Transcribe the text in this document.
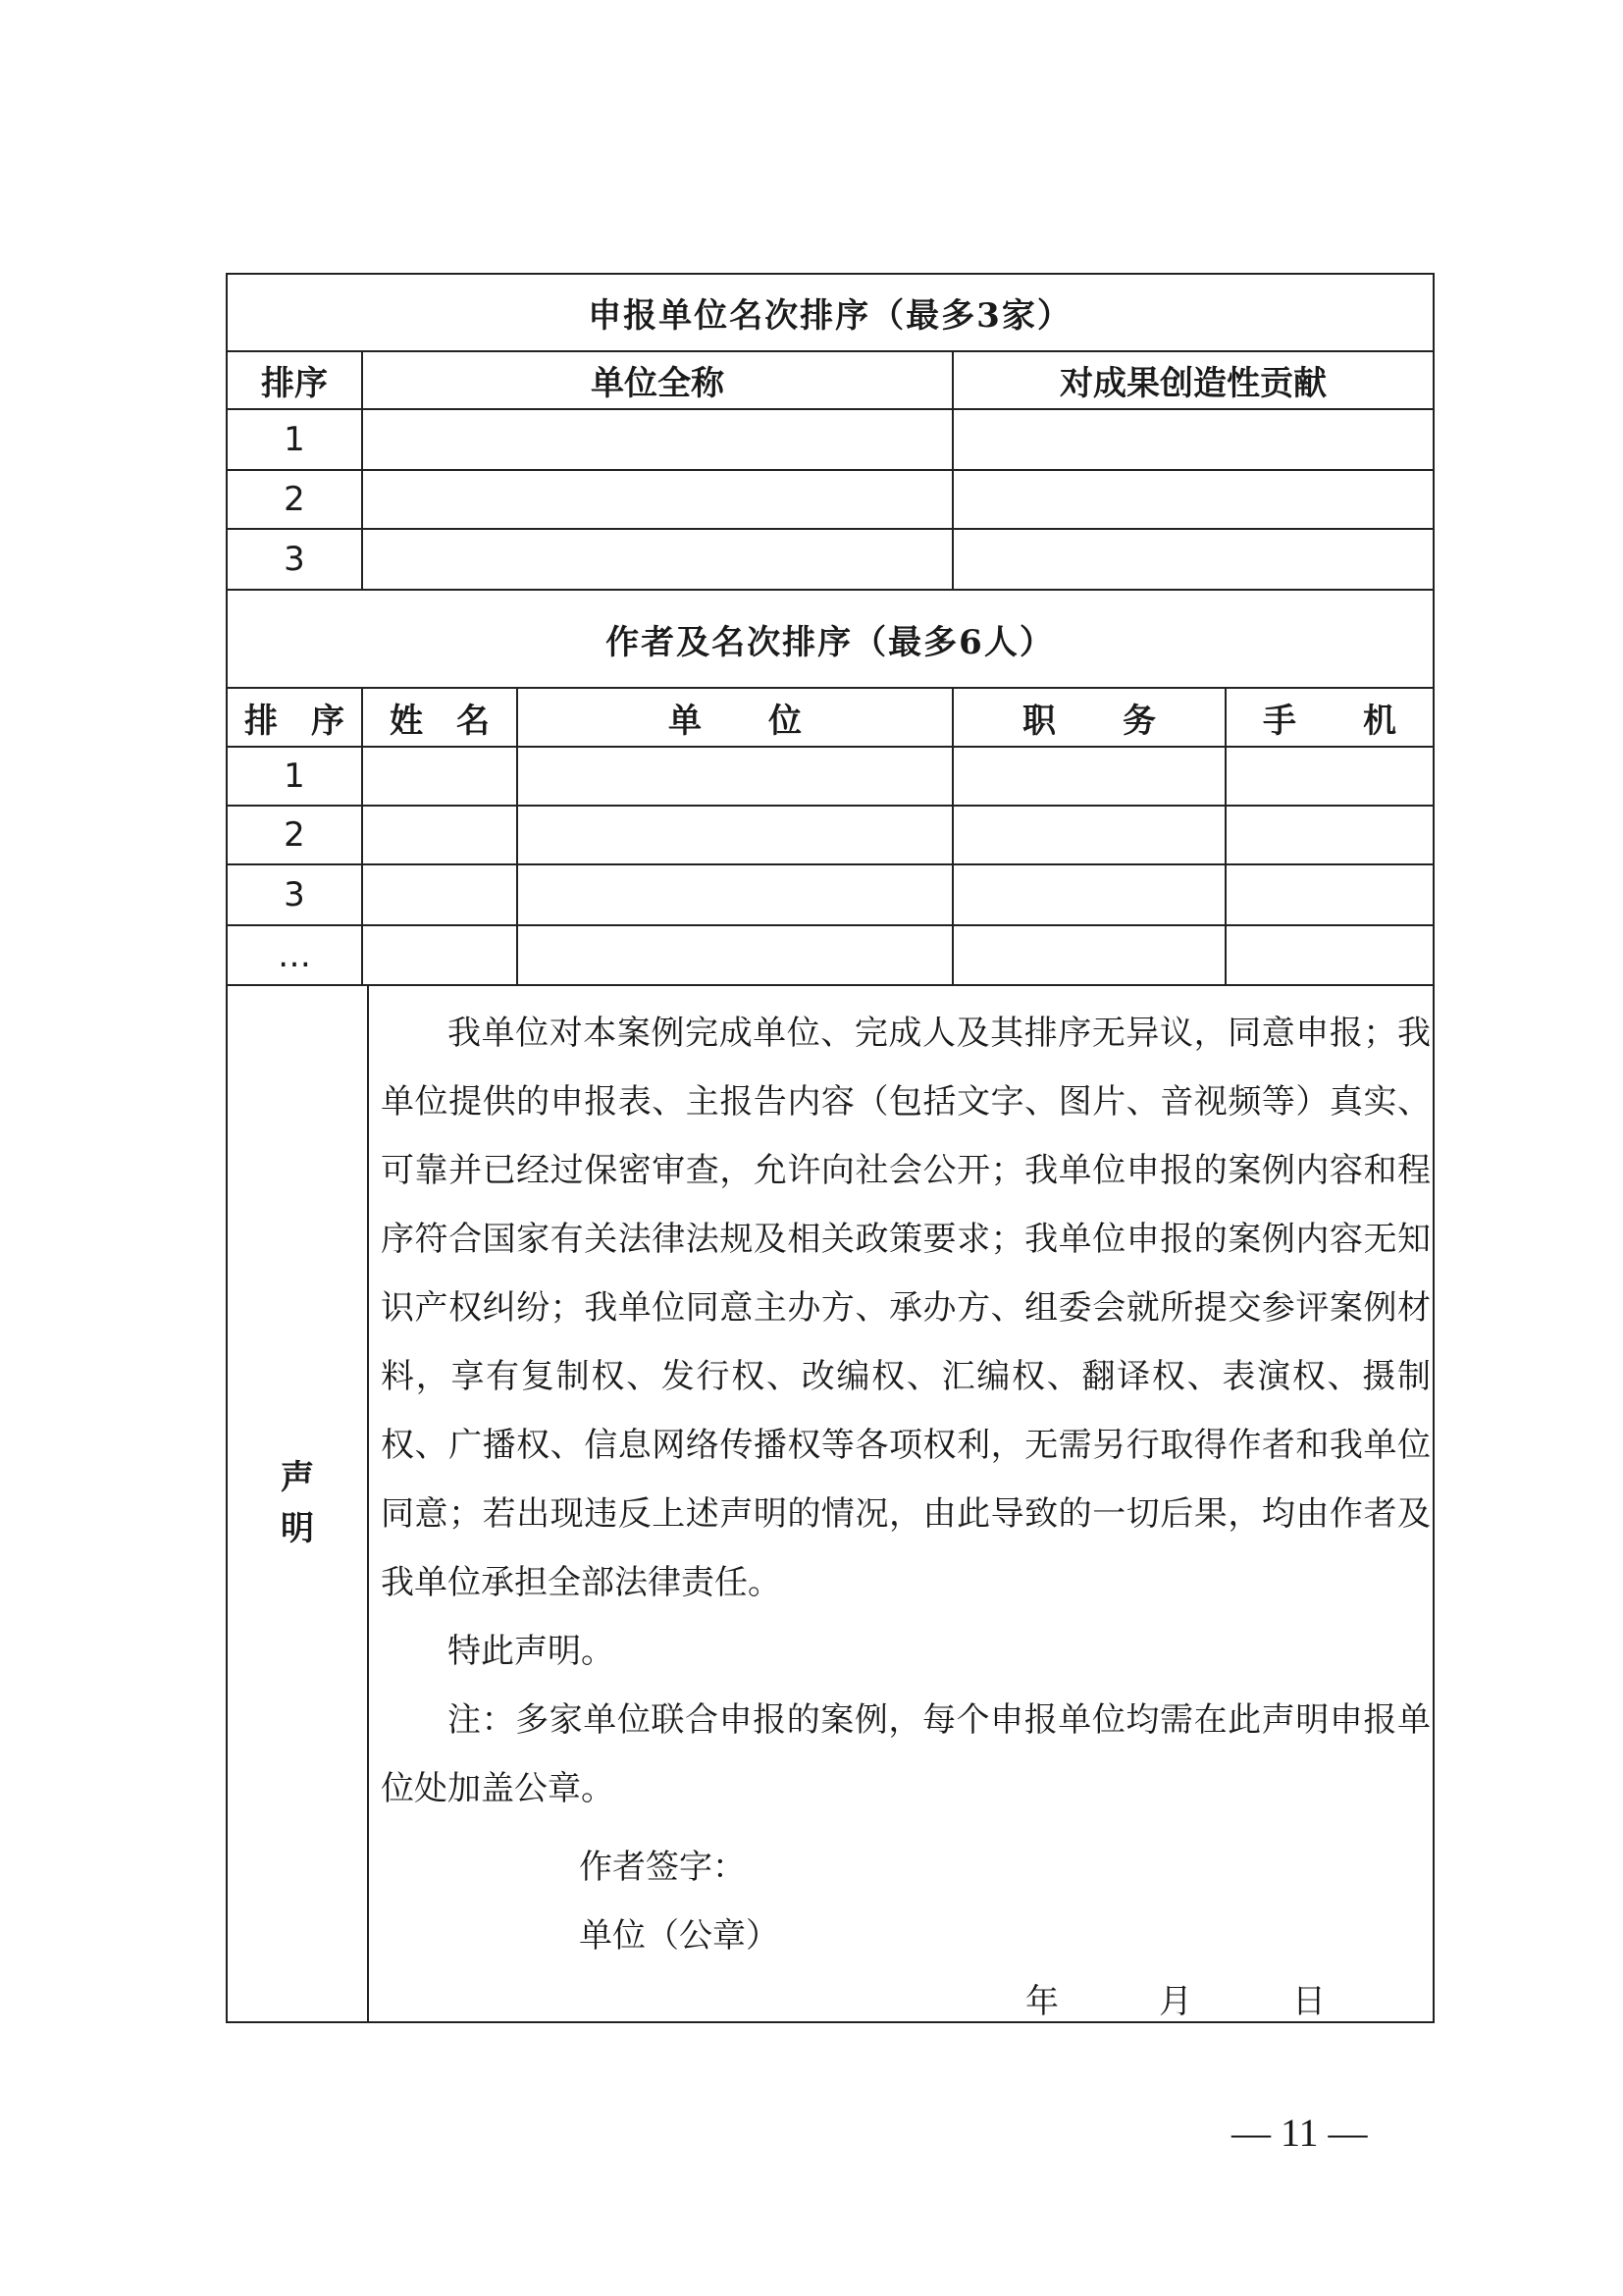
申报单位名次排序（最多3家）
排序	单位全称	对成果创造性贡献
1
2
3
作者及名次排序（最多6人）
排　序	姓　名	单　　位	职　　务	手　　机
1
2
3
…
声
明

我单位对本案例完成单位、完成人及其排序无异议，同意申报；我单位提供的申报表、主报告内容（包括文字、图片、音视频等）真实、可靠并已经过保密审查，允许向社会公开；我单位申报的案例内容和程序符合国家有关法律法规及相关政策要求；我单位申报的案例内容无知识产权纠纷；我单位同意主办方、承办方、组委会就所提交参评案例材料，享有复制权、发行权、改编权、汇编权、翻译权、表演权、摄制权、广播权、信息网络传播权等各项权利，无需另行取得作者和我单位同意；若出现违反上述声明的情况，由此导致的一切后果，均由作者及我单位承担全部法律责任。

特此声明。

注：多家单位联合申报的案例，每个申报单位均需在此声明申报单位处加盖公章。

作者签字：
单位（公章）
年　　　月　　　日
— 11 —
